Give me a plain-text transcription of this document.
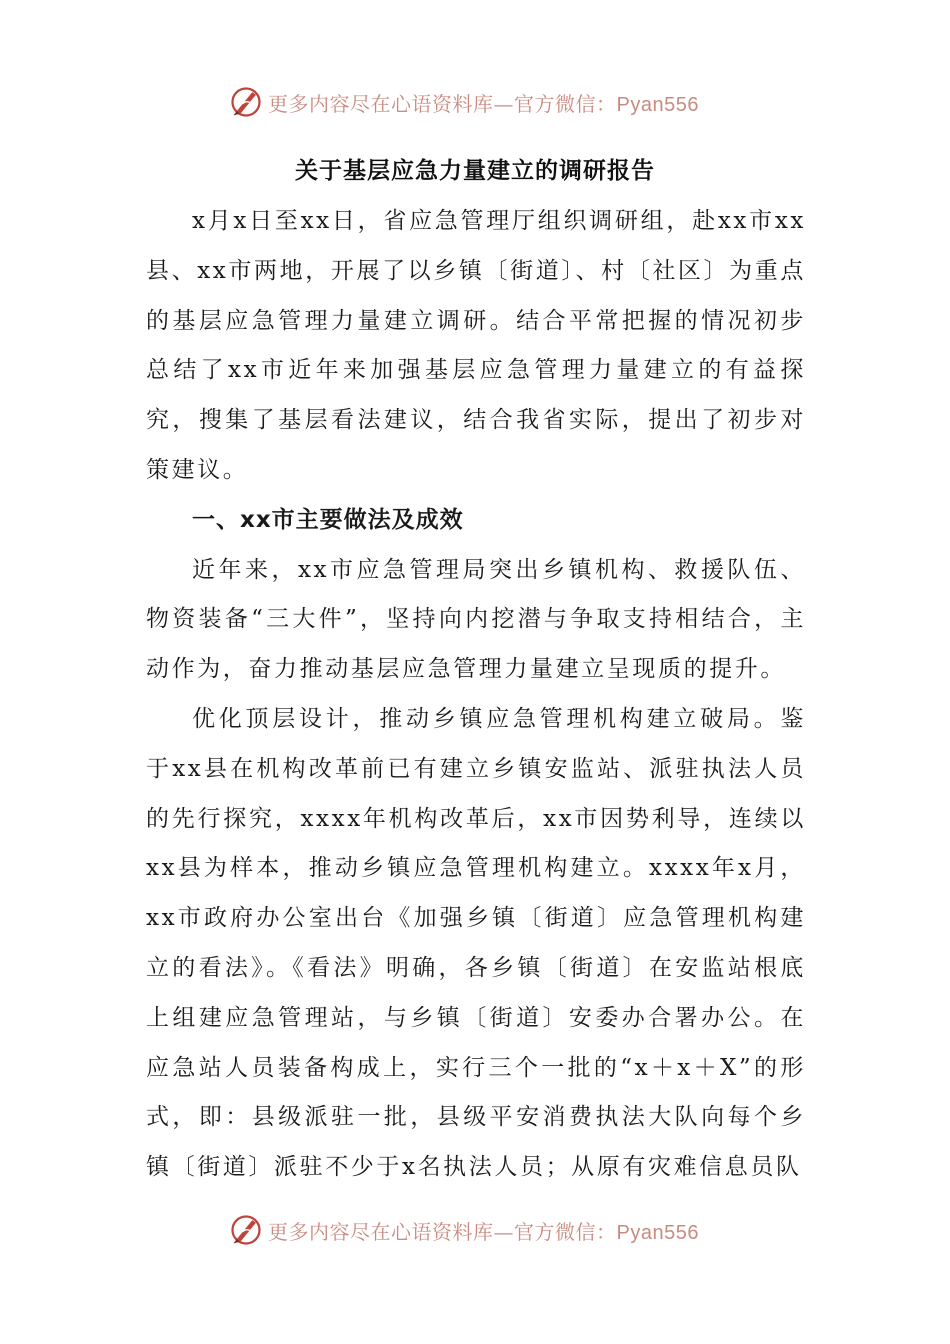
更多内容尽在心语资料库—官方微信：Pyan556
关于基层应急力量建立的调研报告

x月x日至xx日，省应急管理厅组织调研组，赴xx市xx县、xx市两地，开展了以乡镇〔街道〕、村〔社区〕为重点的基层应急管理力量建立调研。结合平常把握的情况初步总结了xx市近年来加强基层应急管理力量建立的有益探究，搜集了基层看法建议，结合我省实际，提出了初步对策建议。

一、xx市主要做法及成效

近年来，xx市应急管理局突出乡镇机构、救援队伍、物资装备“三大件”，坚持向内挖潜与争取支持相结合，主动作为，奋力推动基层应急管理力量建立呈现质的提升。

优化顶层设计，推动乡镇应急管理机构建立破局。鉴于xx县在机构改革前已有建立乡镇安监站、派驻执法人员的先行探究，xxxx年机构改革后，xx市因势利导，连续以xx县为样本，推动乡镇应急管理机构建立。xxxx年x月，xx市政府办公室出台《加强乡镇〔街道〕应急管理机构建立的看法》。《看法》明确，各乡镇〔街道〕在安监站根底上组建应急管理站，与乡镇〔街道〕安委办合署办公。在应急站人员装备构成上，实行三个一批的“x＋x＋X”的形式，即：县级派驻一批，县级平安消费执法大队向每个乡镇〔街道〕派驻不少于x名执法人员；从原有灾难信息员队

更多内容尽在心语资料库—官方微信：Pyan556
